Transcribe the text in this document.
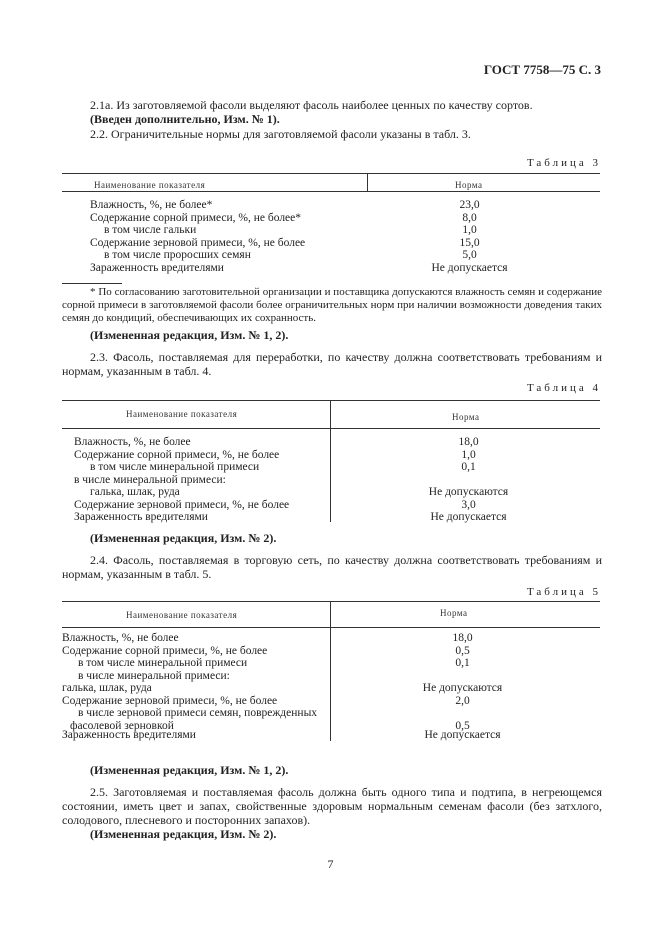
ГОСТ 7758—75 С. 3
2.1а. Из заготовляемой фасоли выделяют фасоль наиболее ценных по качеству сортов.
(Введен дополнительно, Изм. № 1).
2.2. Ограничительные нормы для заготовляемой фасоли указаны в табл. 3.
Таблица 3
Наименование показателя	Норма
Влажность, %, не более*	23,0
Содержание сорной примеси, %, не более*	8,0
в том числе гальки	1,0
Содержание зерновой примеси, %, не более	15,0
в том числе проросших семян	5,0
Зараженность вредителями	Не допускается
* По согласованию заготовительной организации и поставщика допускаются влажность семян и содержание сорной примеси в заготовляемой фасоли более ограничительных норм при наличии возможности доведения таких семян до кондиций, обеспечивающих их сохранность.
(Измененная редакция, Изм. № 1, 2).
2.3. Фасоль, поставляемая для переработки, по качеству должна соответствовать требованиям и нормам, указанным в табл. 4.
Таблица 4
Наименование показателя	Норма
Влажность, %, не более	18,0
Содержание сорной примеси, %, не более	1,0
в том числе минеральной примеси	0,1
в числе минеральной примеси:
галька, шлак, руда	Не допускаются
Содержание зерновой примеси, %, не более	3,0
Зараженность вредителями	Не допускается
(Измененная редакция, Изм. № 2).
2.4. Фасоль, поставляемая в торговую сеть, по качеству должна соответствовать требованиям и нормам, указанным в табл. 5.
Таблица 5
Наименование показателя	Норма
Влажность, %, не более	18,0
Содержание сорной примеси, %, не более	0,5
в том числе минеральной примеси	0,1
в числе минеральной примеси:
галька, шлак, руда	Не допускаются
Содержание зерновой примеси, %, не более	2,0
в числе зерновой примеси семян, поврежденных
фасолевой зерновкой	0,5
Зараженность вредителями	Не допускается
(Измененная редакция, Изм. № 1, 2).
2.5. Заготовляемая и поставляемая фасоль должна быть одного типа и подтипа, в негреющемся состоянии, иметь цвет и запах, свойственные здоровым нормальным семенам фасоли (без затхлого, солодового, плесневого и посторонних запахов).
(Измененная редакция, Изм. № 2).
7
